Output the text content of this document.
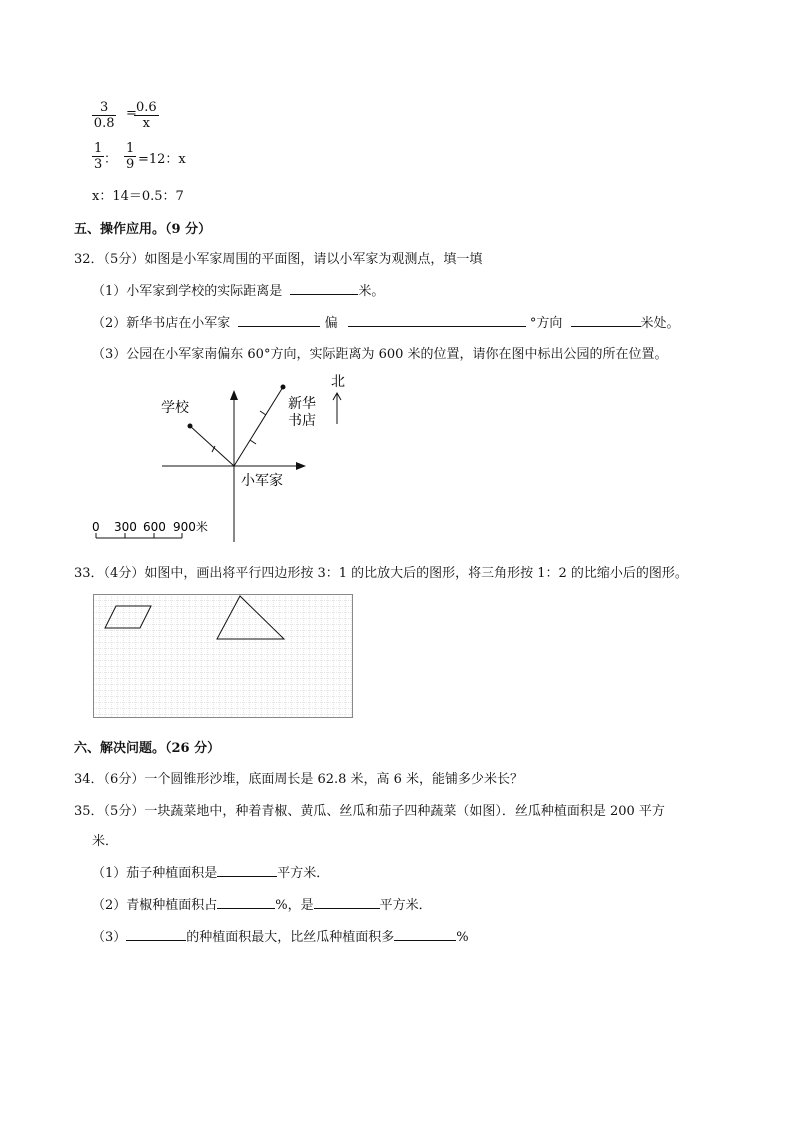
$\frac{3}{0.8}$ =
$\frac{0.6}{x}$
$\frac{1}{3}$ ： $\frac{1}{9} =12$：x
x：14＝0.5：7
五、操作应用。（9 分）
32．（5分）如图是小军家周围的平面图，请以小军家为观测点，填一填
（1）小军家到学校的实际距离是	米。
（2）新华书店在小军家	偏	°方向	米处。
（3）公园在小军家南偏东 60°方向，实际距离为 600 米的位置，请你在图中标出公园的所在位置。
学校	新华
书店
小军家
北
0 300 600 900米
33．（4分）如图中，画出将平行四边形按 3：1 的比放大后的图形，将三角形按 1：2 的比缩小后的图形。
六、解决问题。（26 分）
34．（6分）一个圆锥形沙堆，底面周长是 62.8 米，高 6 米，能铺多少米长？
35．（5分）一块蔬菜地中，种着青椒、黄瓜、丝瓜和茄子四种蔬菜（如图）．丝瓜种植面积是 200 平方
米．
（1）茄子种植面积是	平方米．
（2）青椒种植面积占	%，是	平方米．
（3）	的种植面积最大，比丝瓜种植面积多	%
